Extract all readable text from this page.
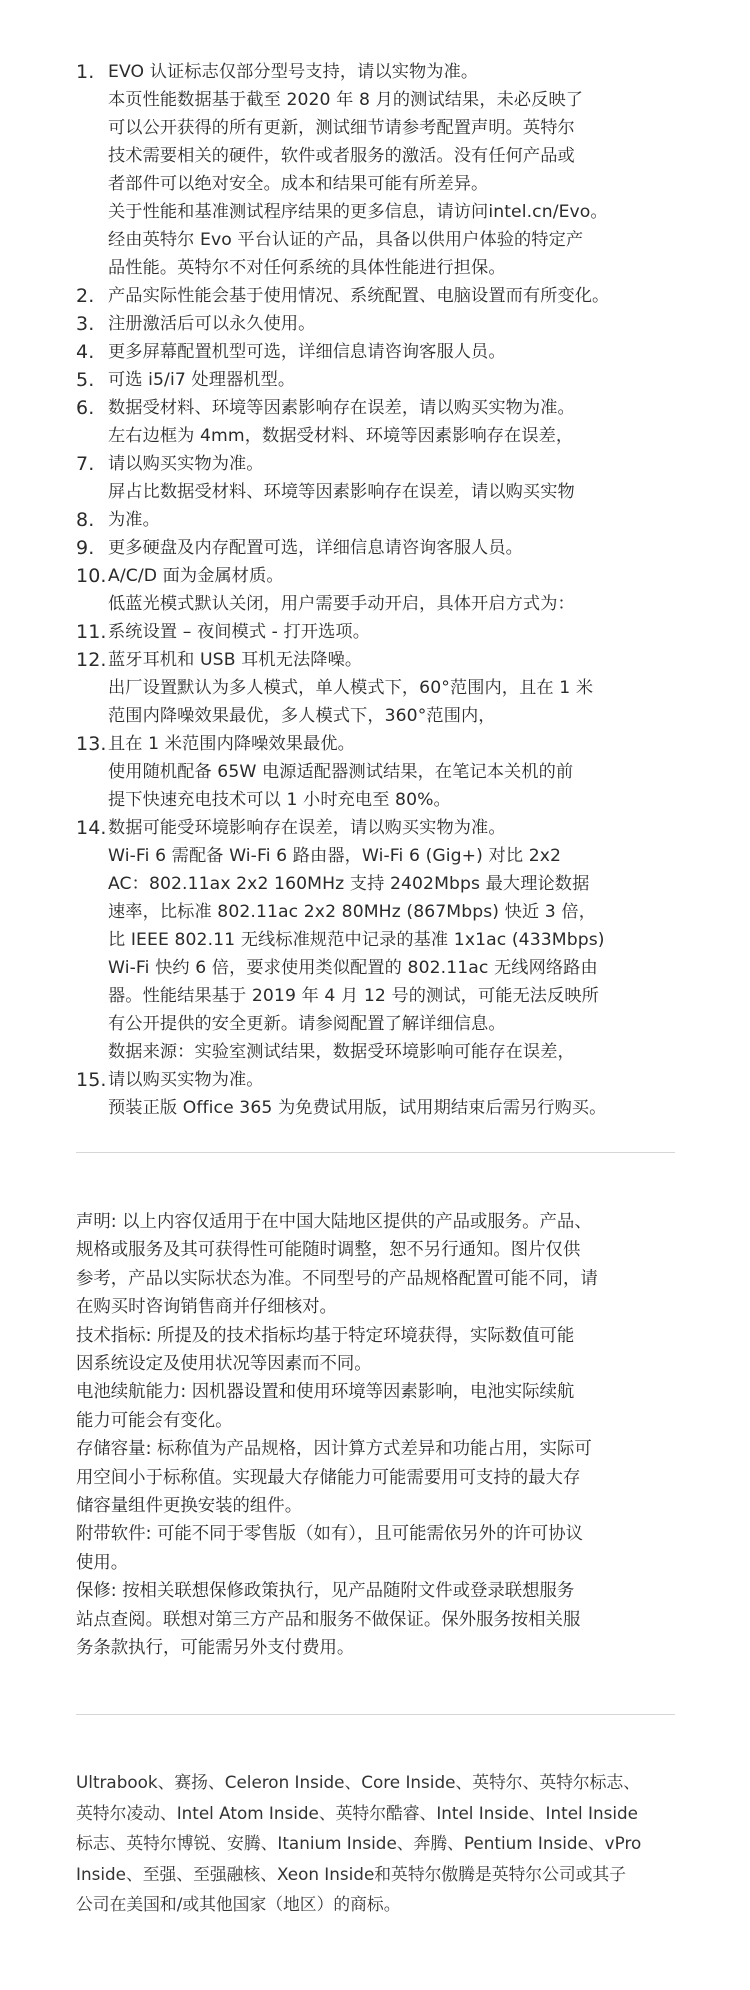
1. EVO 认证标志仅部分型号支持，请以实物为准。
本页性能数据基于截至 2020 年 8 月的测试结果，未必反映了
可以公开获得的所有更新，测试细节请参考配置声明。英特尔
技术需要相关的硬件，软件或者服务的激活。没有任何产品或
者部件可以绝对安全。成本和结果可能有所差异。
关于性能和基准测试程序结果的更多信息，请访问intel.cn/Evo。
经由英特尔 Evo 平台认证的产品，具备以供用户体验的特定产
品性能。英特尔不对任何系统的具体性能进行担保。
2. 产品实际性能会基于使用情况、系统配置、电脑设置而有所变化。
3. 注册激活后可以永久使用。
4. 更多屏幕配置机型可选，详细信息请咨询客服人员。
5. 可选 i5/i7 处理器机型。
6. 数据受材料、环境等因素影响存在误差，请以购买实物为准。
7.
左右边框为 4mm，数据受材料、环境等因素影响存在误差，
请以购买实物为准。
8.
屏占比数据受材料、环境等因素影响存在误差，请以购买实物
为准。
9. 更多硬盘及内存配置可选，详细信息请咨询客服人员。
10. A/C/D 面为金属材质。
11.
低蓝光模式默认关闭，用户需要手动开启，具体开启方式为：
系统设置 – 夜间模式 - 打开选项。
12. 蓝牙耳机和 USB 耳机无法降噪。
13.
出厂设置默认为多人模式，单人模式下，60°范围内，且在 1 米
范围内降噪效果最优，多人模式下，360°范围内，
且在 1 米范围内降噪效果最优。
14.
使用随机配备 65W 电源适配器测试结果，在笔记本关机的前
提下快速充电技术可以 1 小时充电至 80%。
数据可能受环境影响存在误差，请以购买实物为准。
Wi-Fi 6 需配备 Wi-Fi 6 路由器，Wi-Fi 6 (Gig+) 对比 2x2
AC：802.11ax 2x2 160MHz 支持 2402Mbps 最大理论数据
速率，比标准 802.11ac 2x2 80MHz (867Mbps) 快近 3 倍，
比 IEEE 802.11 无线标准规范中记录的基准 1x1ac (433Mbps)
Wi-Fi 快约 6 倍，要求使用类似配置的 802.11ac 无线网络路由
器。性能结果基于 2019 年 4 月 12 号的测试，可能无法反映所
有公开提供的安全更新。请参阅配置了解详细信息。
15.
数据来源：实验室测试结果，数据受环境影响可能存在误差，
请以购买实物为准。
预装正版 Office 365 为免费试用版，试用期结束后需另行购买。
声明: 以上内容仅适用于在中国大陆地区提供的产品或服务。产品、
规格或服务及其可获得性可能随时调整，恕不另行通知。图片仅供
参考，产品以实际状态为准。不同型号的产品规格配置可能不同，请
在购买时咨询销售商并仔细核对。
技术指标: 所提及的技术指标均基于特定环境获得，实际数值可能
因系统设定及使用状况等因素而不同。
电池续航能力: 因机器设置和使用环境等因素影响，电池实际续航
能力可能会有变化。
存储容量: 标称值为产品规格，因计算方式差异和功能占用，实际可
用空间小于标称值。实现最大存储能力可能需要用可支持的最大存
储容量组件更换安装的组件。
附带软件: 可能不同于零售版（如有），且可能需依另外的许可协议
使用。
保修: 按相关联想保修政策执行，见产品随附文件或登录联想服务
站点查阅。联想对第三方产品和服务不做保证。保外服务按相关服
务条款执行，可能需另外支付费用。
Ultrabook、赛扬、Celeron Inside、Core Inside、英特尔、英特尔标志、
英特尔凌动、Intel Atom Inside、英特尔酷睿、Intel Inside、Intel Inside
标志、英特尔博锐、安腾、Itanium Inside、奔腾、Pentium Inside、vPro
Inside、至强、至强融核、Xeon Inside和英特尔傲腾是英特尔公司或其子
公司在美国和/或其他国家（地区）的商标。
